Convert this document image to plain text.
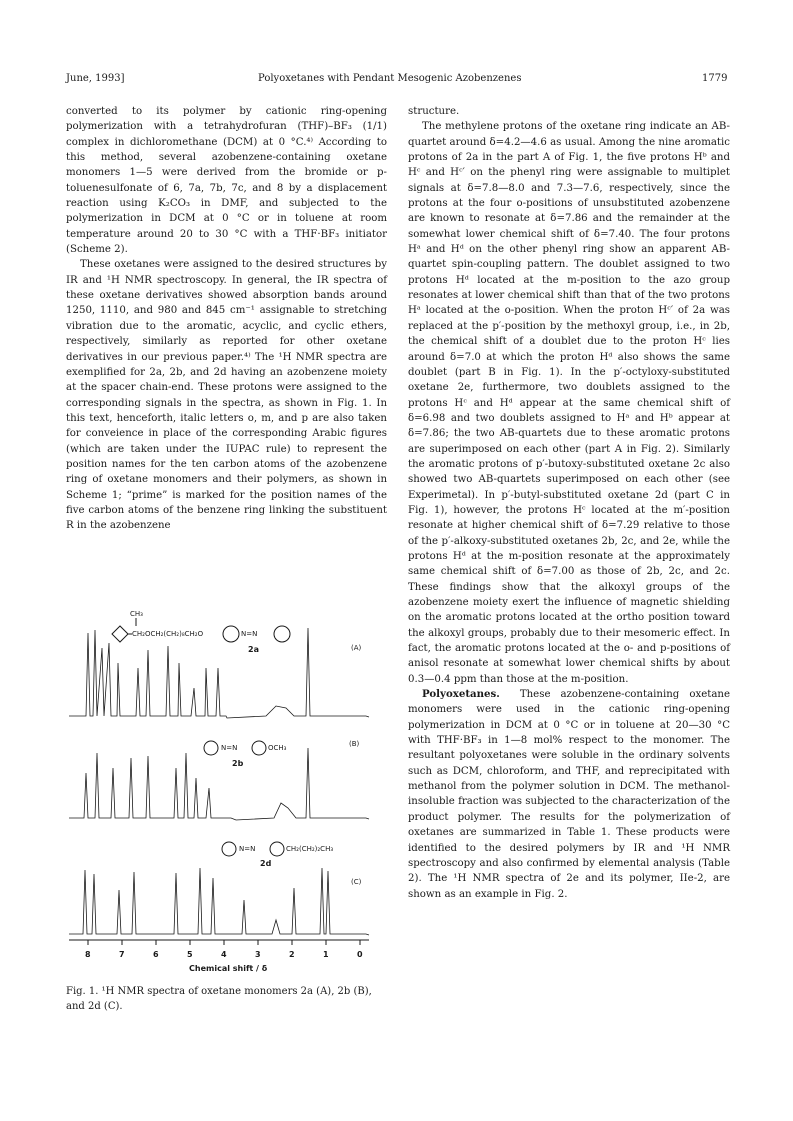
June, 1993]	Polyoxetanes with Pendant Mesogenic Azobenzenes	1779

converted to its polymer by cationic ring-opening polymerization with a tetrahydrofuran (THF)–BF₃ (1/1) complex in dichloromethane (DCM) at 0 °C.⁴⁾ According to this method, several azobenzene-containing oxetane monomers 1—5 were derived from the bromide or p-toluenesulfonate of 6, 7a, 7b, 7c, and 8 by a displacement reaction using K₂CO₃ in DMF, and subjected to the polymerization in DCM at 0 °C or in toluene at room temperature around 20 to 30 °C with a THF·BF₃ initiator (Scheme 2).

These oxetanes were assigned to the desired structures by IR and ¹H NMR spectroscopy. In general, the IR spectra of these oxetane derivatives showed absorption bands around 1250, 1110, and 980 and 845 cm⁻¹ assignable to stretching vibration due to the aromatic, acyclic, and cyclic ethers, respectively, similarly as reported for other oxetane derivatives in our previous paper.⁴⁾ The ¹H NMR spectra are exemplified for 2a, 2b, and 2d having an azobenzene moiety at the spacer chain-end. These protons were assigned to the corresponding signals in the spectra, as shown in Fig. 1. In this text, henceforth, italic letters o, m, and p are also taken for conveience in place of the corresponding Arabic figures (which are taken under the IUPAC rule) to represent the position names for the ten carbon atoms of the azobenzene ring of oxetane monomers and their polymers, as shown in Scheme 1; “prime” is marked for the position names of the five carbon atoms of the benzene ring linking the substituent R in the azobenzene

structure.

The methylene protons of the oxetane ring indicate an AB-quartet around δ=4.2—4.6 as usual. Among the nine aromatic protons of 2a in the part A of Fig. 1, the five protons Hᵇ and Hᶜ and Hᶜ′ on the phenyl ring were assignable to multiplet signals at δ=7.8—8.0 and 7.3—7.6, respectively, since the protons at the four o-positions of unsubstituted azobenzene are known to resonate at δ=7.86 and the remainder at the somewhat lower chemical shift of δ=7.40. The four protons Hᵃ and Hᵈ on the other phenyl ring show an apparent AB-quartet spin-coupling pattern. The doublet assigned to two protons Hᵈ located at the m-position to the azo group resonates at lower chemical shift than that of the two protons Hᵃ located at the o-position. When the proton Hᶜ′ of 2a was replaced at the p′-position by the methoxyl group, i.e., in 2b, the chemical shift of a doublet due to the proton Hᶜ lies around δ=7.0 at which the proton Hᵈ also shows the same doublet (part B in Fig. 1). In the p′-octyloxy-substituted oxetane 2e, furthermore, two doublets assigned to the protons Hᶜ and Hᵈ appear at the same chemical shift of δ=6.98 and two doublets assigned to Hᵃ and Hᵇ appear at δ=7.86; the two AB-quartets due to these aromatic protons are superimposed on each other (part A in Fig. 2). Similarly the aromatic protons of p′-butoxy-substituted oxetane 2c also showed two AB-quartets superimposed on each other (see Experimetal). In p′-butyl-substituted oxetane 2d (part C in Fig. 1), however, the protons Hᶜ located at the m′-position resonate at higher chemical shift of δ=7.29 relative to those of the p′-alkoxy-substituted oxetanes 2b, 2c, and 2e, while the protons Hᵈ at the m-position resonate at the approximately same chemical shift of δ=7.00 as those of 2b, 2c, and 2c. These findings show that the alkoxyl groups of the azobenzene moiety exert the influence of magnetic shielding on the aromatic protons located at the ortho position toward the alkoxyl groups, probably due to their mesomeric effect. In fact, the aromatic protons located at the o- and p-positions of anisol resonate at somewhat lower chemical shifts by about 0.3—0.4 ppm than those at the m-position.

Polyoxetanes. These azobenzene-containing oxetane monomers were used in the cationic ring-opening polymerization in DCM at 0 °C or in toluene at 20—30 °C with THF·BF₃ in 1—8 mol% respect to the monomer. The resultant polyoxetanes were soluble in the ordinary solvents such as DCM, chloroform, and THF, and reprecipitated with methanol from the polymer solution in DCM. The methanol-insoluble fraction was subjected to the characterization of the product polymer. The results for the polymerization of oxetanes are summarized in Table 1. These products were identified to the desired polymers by IR and ¹H NMR spectroscopy and also confirmed by elemental analysis (Table 2). The ¹H NMR spectra of 2e and its polymer, IIe-2, are shown as an example in Fig. 2.

CH₃
CH₂OCH₂(CH₂)₈CH₂O	N=N
2a
N=N	OCH₃
2b
N=N	CH₂(CH₂)₂CH₃
2d
(A)
(B)
(C)
8	7	6	5	4	3	2	1	0
Chemical shift / δ
Fig. 1. ¹H NMR spectra of oxetane monomers 2a (A), 2b (B), and 2d (C).
